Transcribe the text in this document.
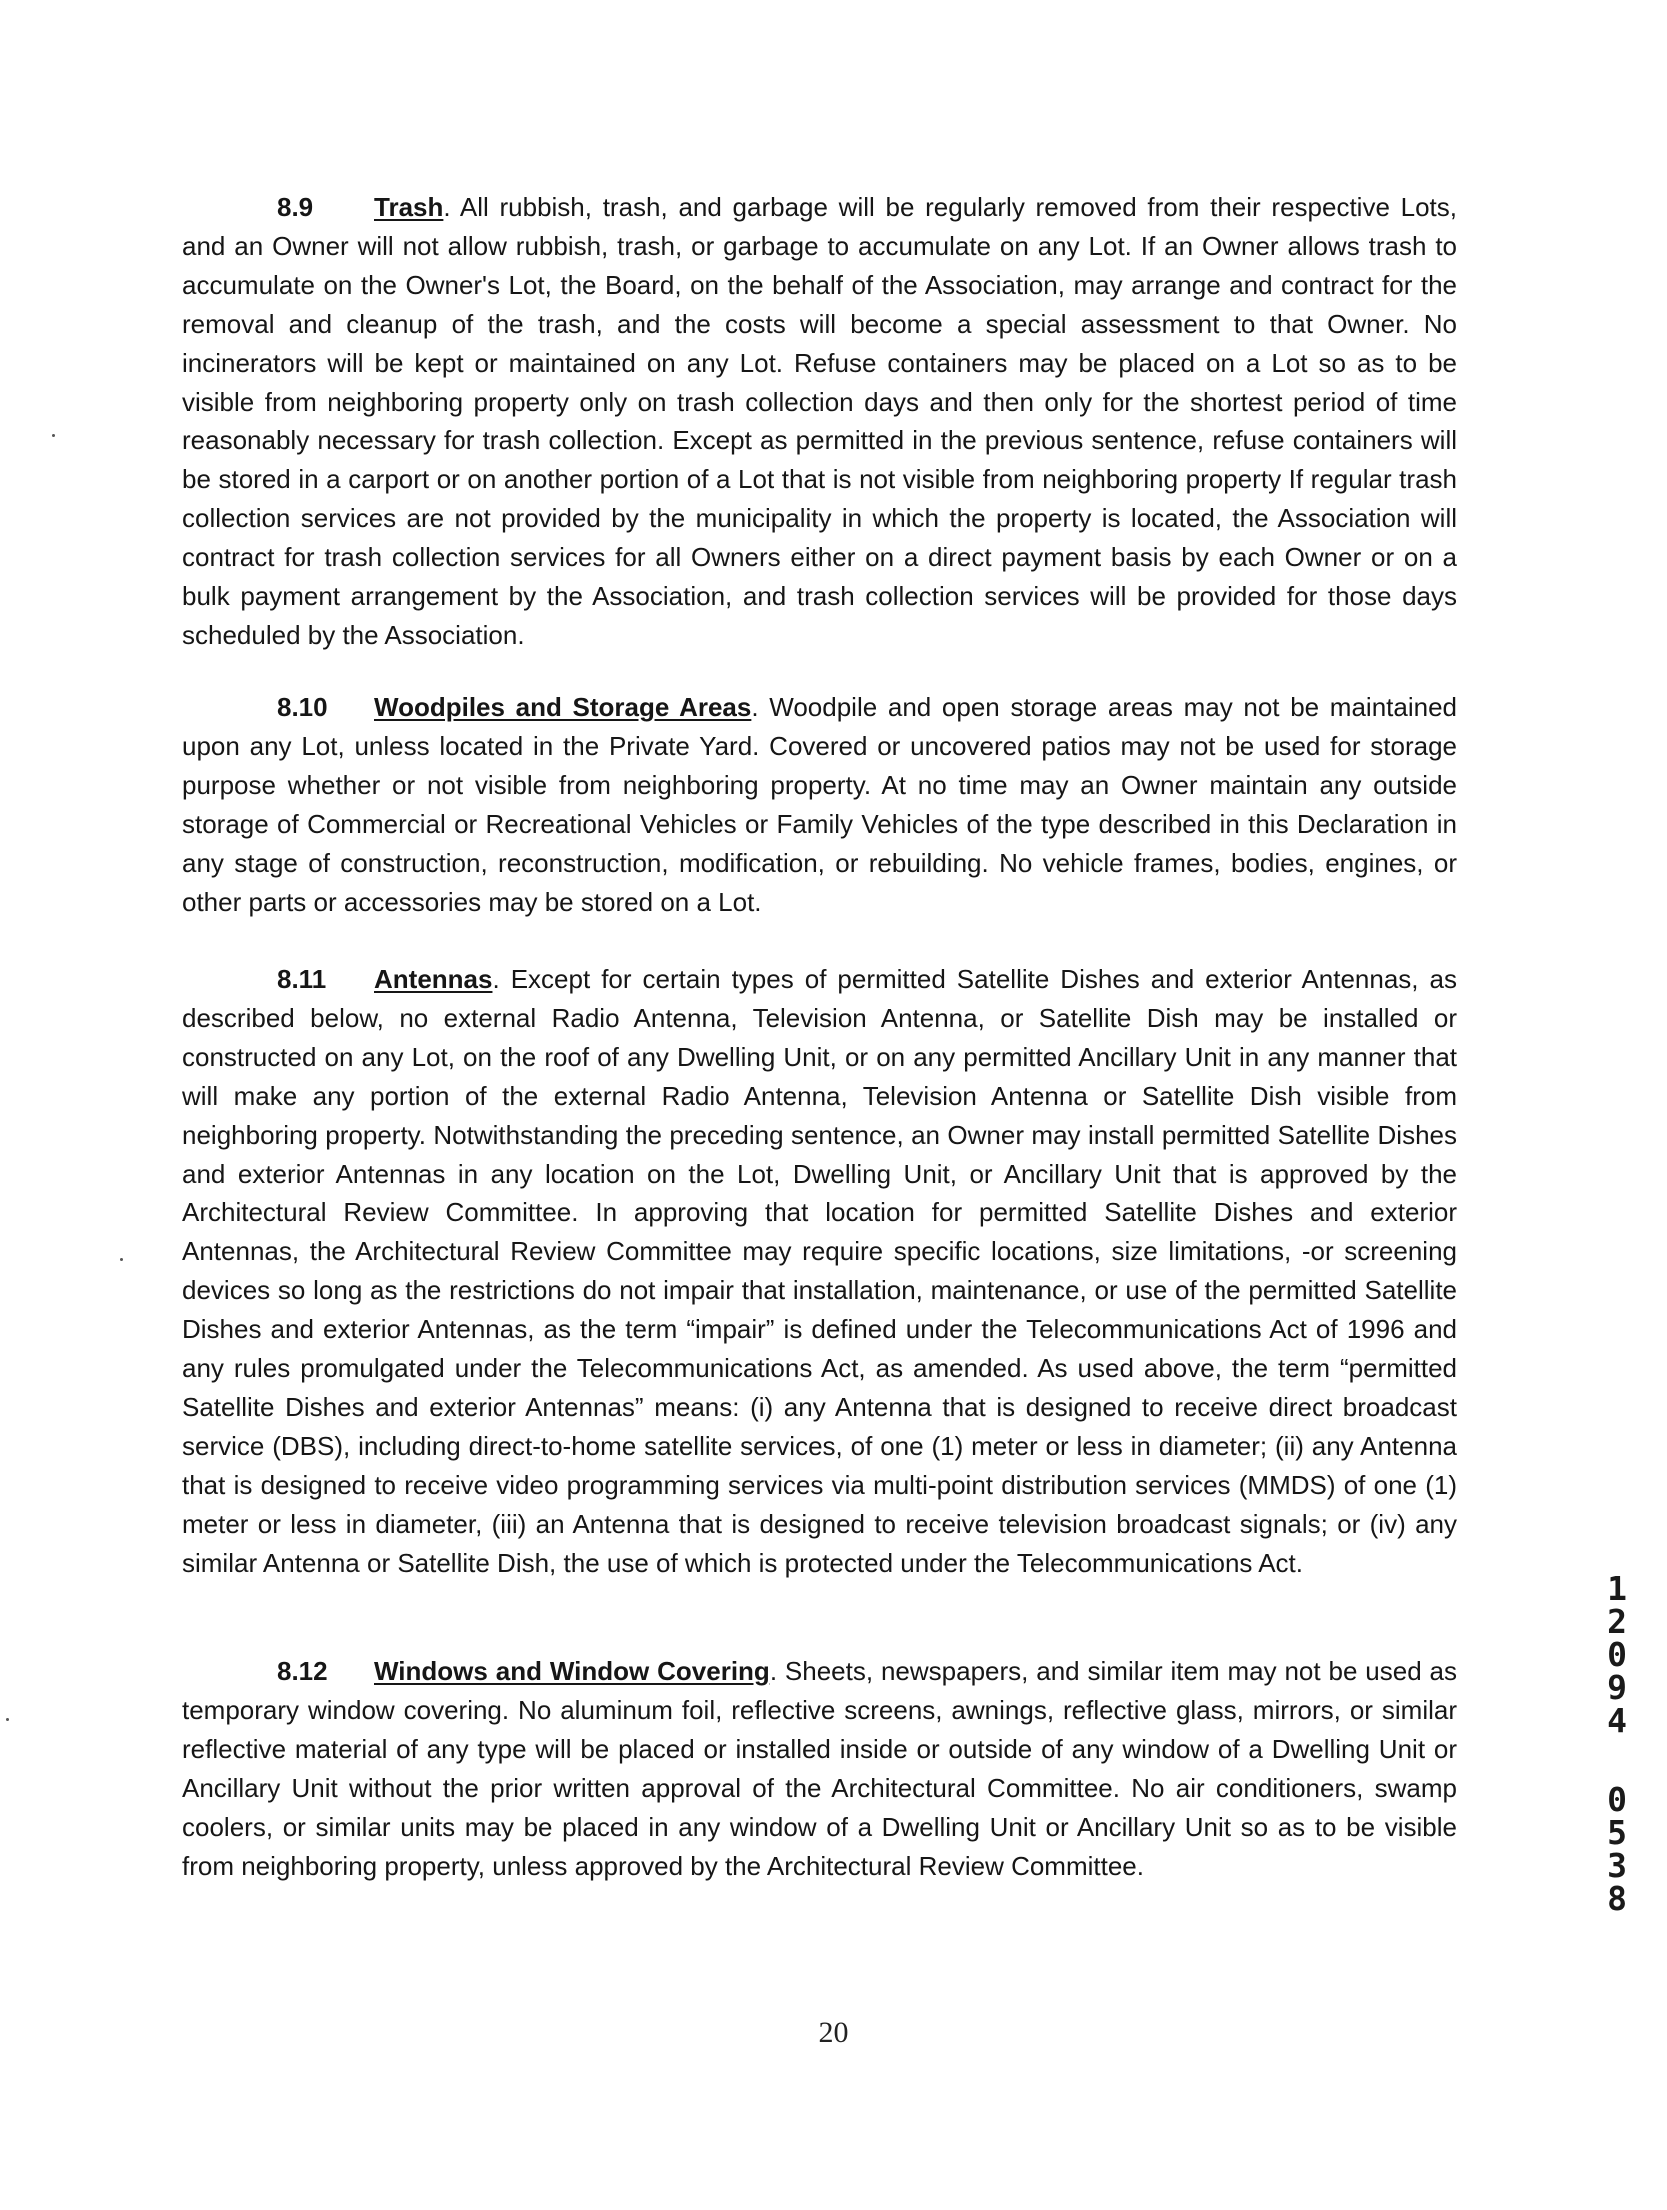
8.9 Trash. All rubbish, trash, and garbage will be regularly removed from their respective Lots, and an Owner will not allow rubbish, trash, or garbage to accumulate on any Lot. If an Owner allows trash to accumulate on the Owner's Lot, the Board, on the behalf of the Association, may arrange and contract for the removal and cleanup of the trash, and the costs will become a special assessment to that Owner. No incinerators will be kept or maintained on any Lot. Refuse containers may be placed on a Lot so as to be visible from neighboring property only on trash collection days and then only for the shortest period of time reasonably necessary for trash collection. Except as permitted in the previous sentence, refuse containers will be stored in a carport or on another portion of a Lot that is not visible from neighboring property If regular trash collection services are not provided by the municipality in which the property is located, the Association will contract for trash collection services for all Owners either on a direct payment basis by each Owner or on a bulk payment arrangement by the Association, and trash collection services will be provided for those days scheduled by the Association.

8.10 Woodpiles and Storage Areas. Woodpile and open storage areas may not be maintained upon any Lot, unless located in the Private Yard. Covered or uncovered patios may not be used for storage purpose whether or not visible from neighboring property. At no time may an Owner maintain any outside storage of Commercial or Recreational Vehicles or Family Vehicles of the type described in this Declaration in any stage of construction, reconstruction, modification, or rebuilding. No vehicle frames, bodies, engines, or other parts or accessories may be stored on a Lot.

8.11 Antennas. Except for certain types of permitted Satellite Dishes and exterior Antennas, as described below, no external Radio Antenna, Television Antenna, or Satellite Dish may be installed or constructed on any Lot, on the roof of any Dwelling Unit, or on any permitted Ancillary Unit in any manner that will make any portion of the external Radio Antenna, Television Antenna or Satellite Dish visible from neighboring property. Notwithstanding the preceding sentence, an Owner may install permitted Satellite Dishes and exterior Antennas in any location on the Lot, Dwelling Unit, or Ancillary Unit that is approved by the Architectural Review Committee. In approving that location for permitted Satellite Dishes and exterior Antennas, the Architectural Review Committee may require specific locations, size limitations, -or screening devices so long as the restrictions do not impair that installation, maintenance, or use of the permitted Satellite Dishes and exterior Antennas, as the term “impair” is defined under the Telecommunications Act of 1996 and any rules promulgated under the Telecommunications Act, as amended. As used above, the term “permitted Satellite Dishes and exterior Antennas” means: (i) any Antenna that is designed to receive direct broadcast service (DBS), including direct-to-home satellite services, of one (1) meter or less in diameter; (ii) any Antenna that is designed to receive video programming services via multi-point distribution services (MMDS) of one (1) meter or less in diameter, (iii) an Antenna that is designed to receive television broadcast signals; or (iv) any similar Antenna or Satellite Dish, the use of which is protected under the Telecommunications Act.

8.12 Windows and Window Covering. Sheets, newspapers, and similar item may not be used as temporary window covering. No aluminum foil, reflective screens, awnings, reflective glass, mirrors, or similar reflective material of any type will be placed or installed inside or outside of any window of a Dwelling Unit or Ancillary Unit without the prior written approval of the Architectural Committee. No air conditioners, swamp coolers, or similar units may be placed in any window of a Dwelling Unit or Ancillary Unit so as to be visible from neighboring property, unless approved by the Architectural Review Committee.

20
1
2
0
9
4
0
5
3
8
